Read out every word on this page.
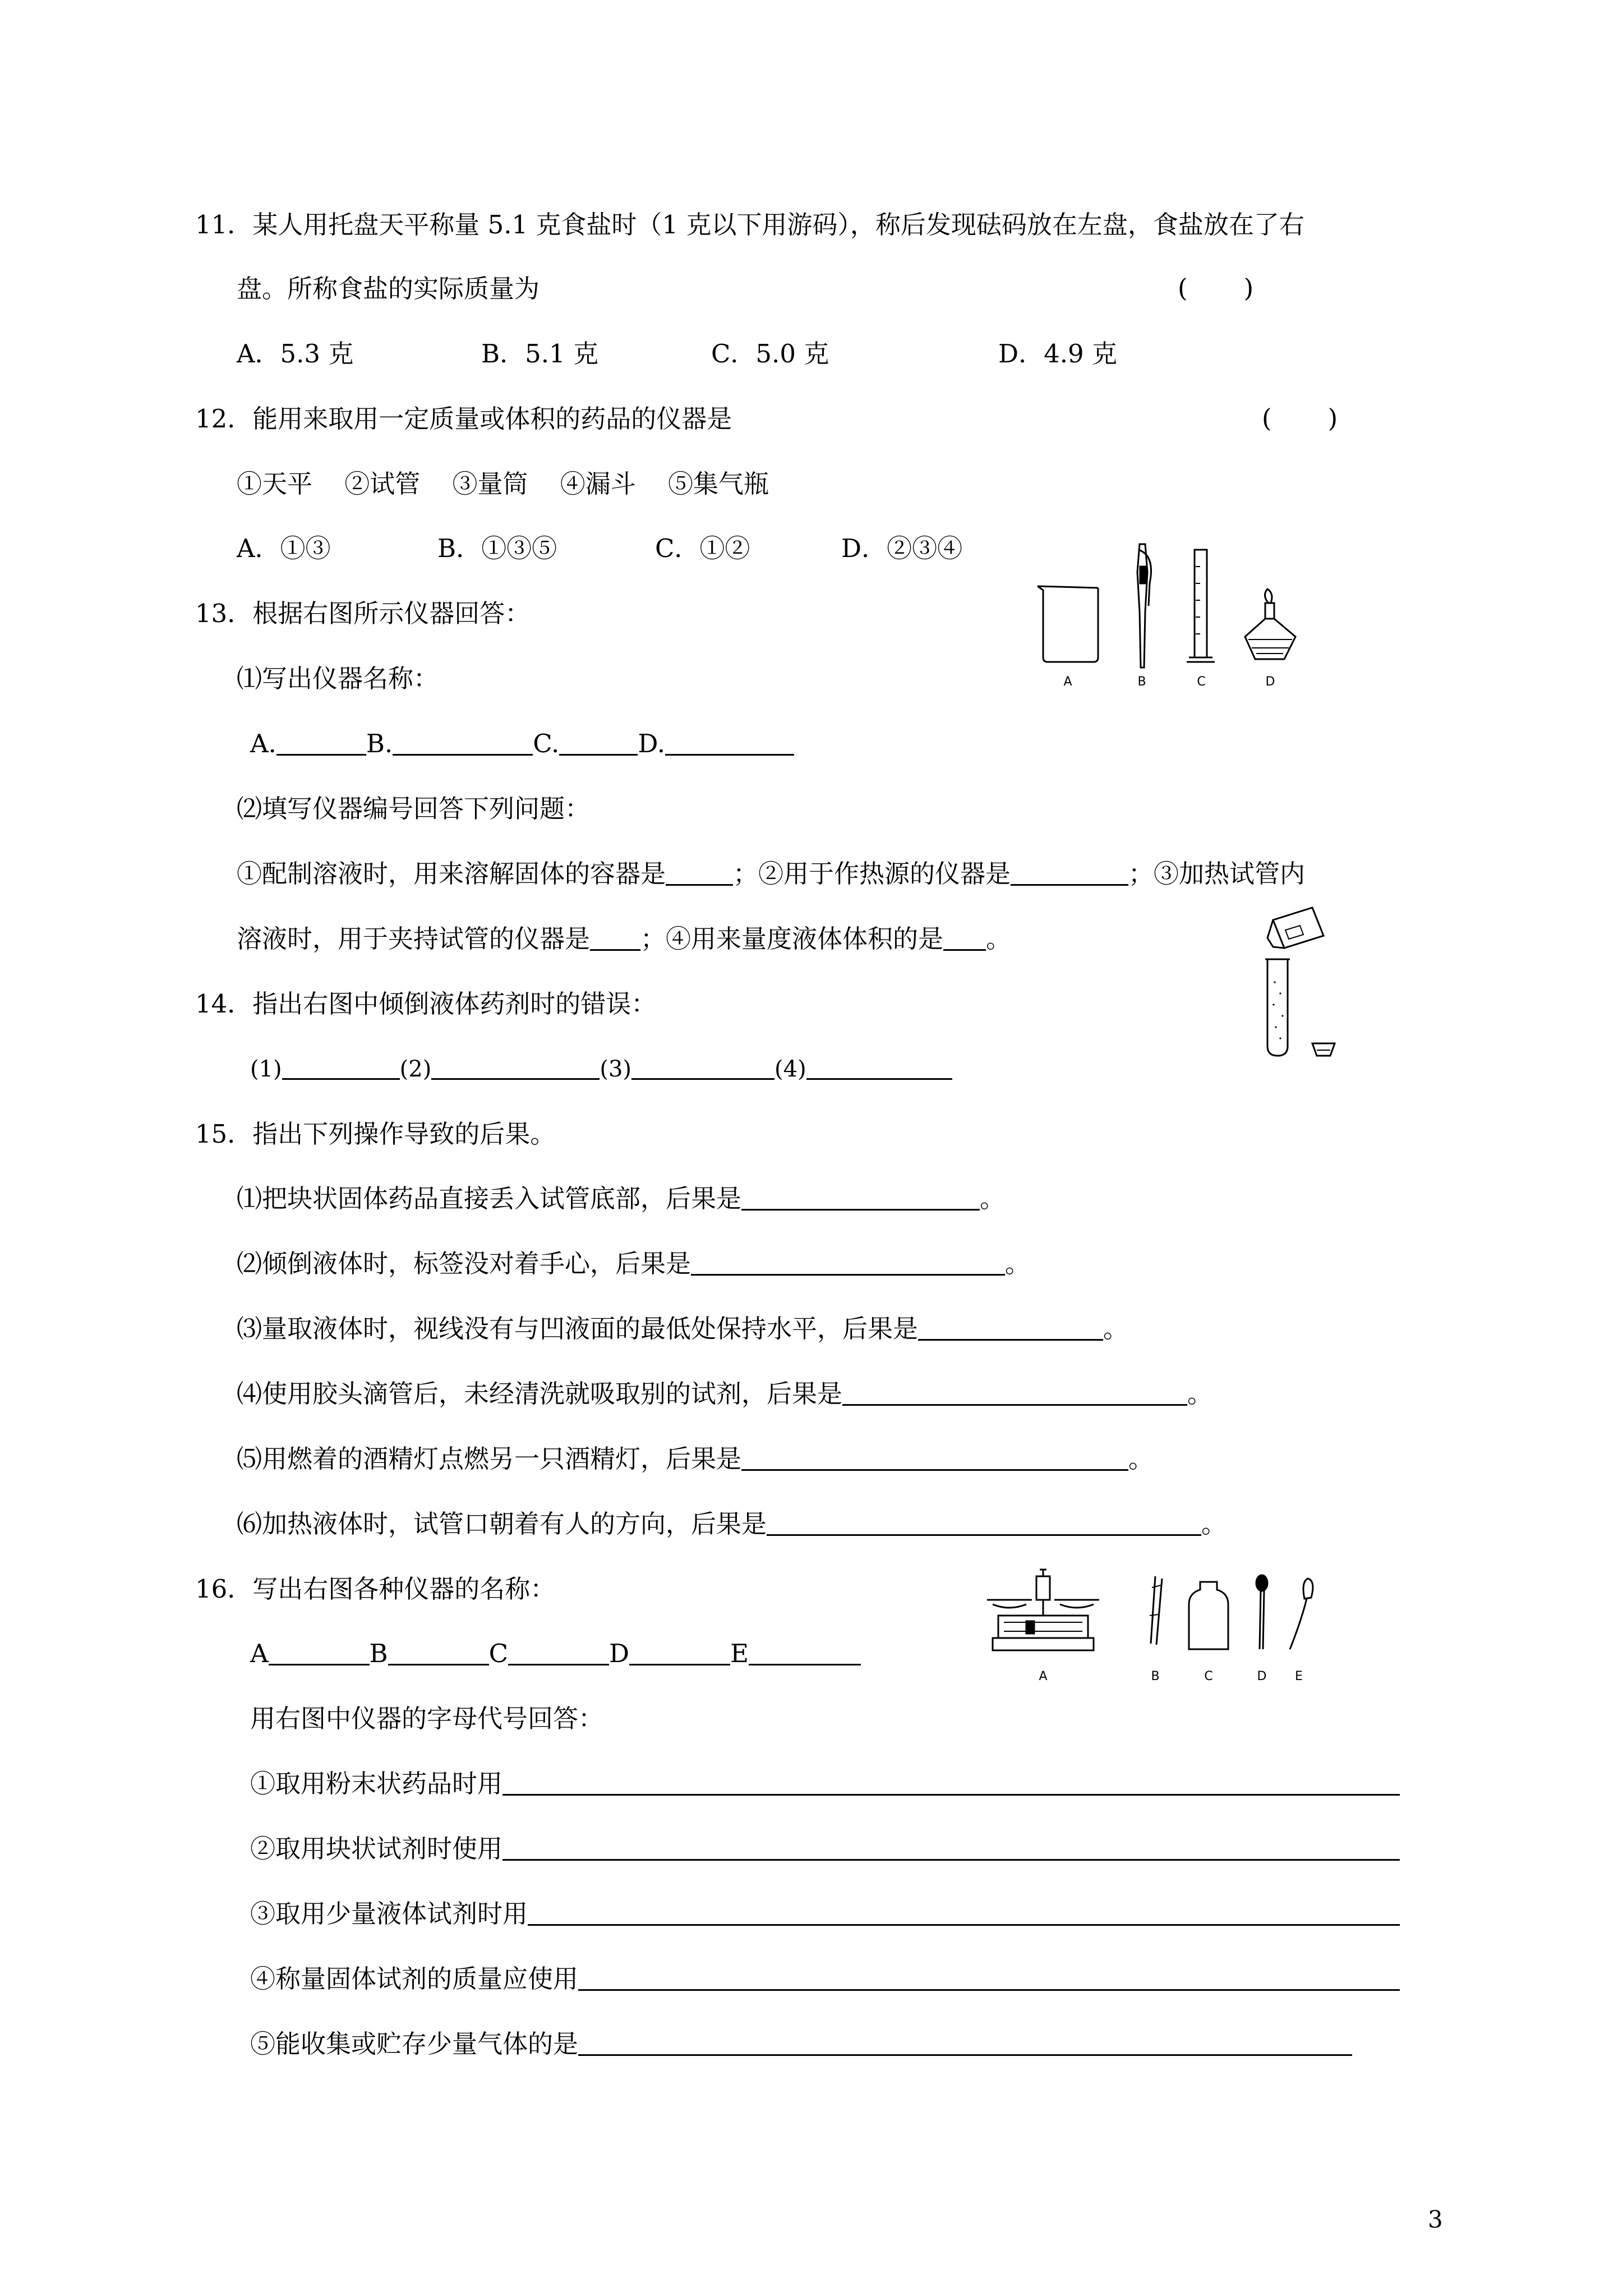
11．某人用托盘天平称量 5.1 克食盐时（1 克以下用游码），称后发现砝码放在左盘，食盐放在了右
盘。所称食盐的实际质量为	(       )
A．5.3 克	B．5.1 克	C．5.0 克	D．4.9 克
12．能用来取用一定质量或体积的药品的仪器是	(       )
①天平 ②试管 ③量筒 ④漏斗 ⑤集气瓶
A．①③	B．①③⑤	C．①②	D．②③④
13．根据右图所示仪器回答：
⑴写出仪器名称：
A.	B.	C.	D.
⑵填写仪器编号回答下列问题：
①配制溶液时，用来溶解固体的容器是	；②用于作热源的仪器是	；③加热试管内
溶液时，用于夹持试管的仪器是 ；④用来量度液体体积的是 。
A	B	C	D
14．指出右图中倾倒液体药剂时的错误：
(1)	(2)	(3)	(4)
15．指出下列操作导致的后果。
⑴把块状固体药品直接丢入试管底部，后果是	。
⑵倾倒液体时，标签没对着手心，后果是	。
⑶量取液体时，视线没有与凹液面的最低处保持水平，后果是	。
⑷使用胶头滴管后，未经清洗就吸取别的试剂，后果是	。
⑸用燃着的酒精灯点燃另一只酒精灯，后果是	。
⑹加热液体时，试管口朝着有人的方向，后果是	。
16．写出右图各种仪器的名称：
A	B	C	D	E
用右图中仪器的字母代号回答：
①取用粉末状药品时用
②取用块状试剂时使用
③取用少量液体试剂时用
④称量固体试剂的质量应使用
⑤能收集或贮存少量气体的是
A	B	C	D E
3
